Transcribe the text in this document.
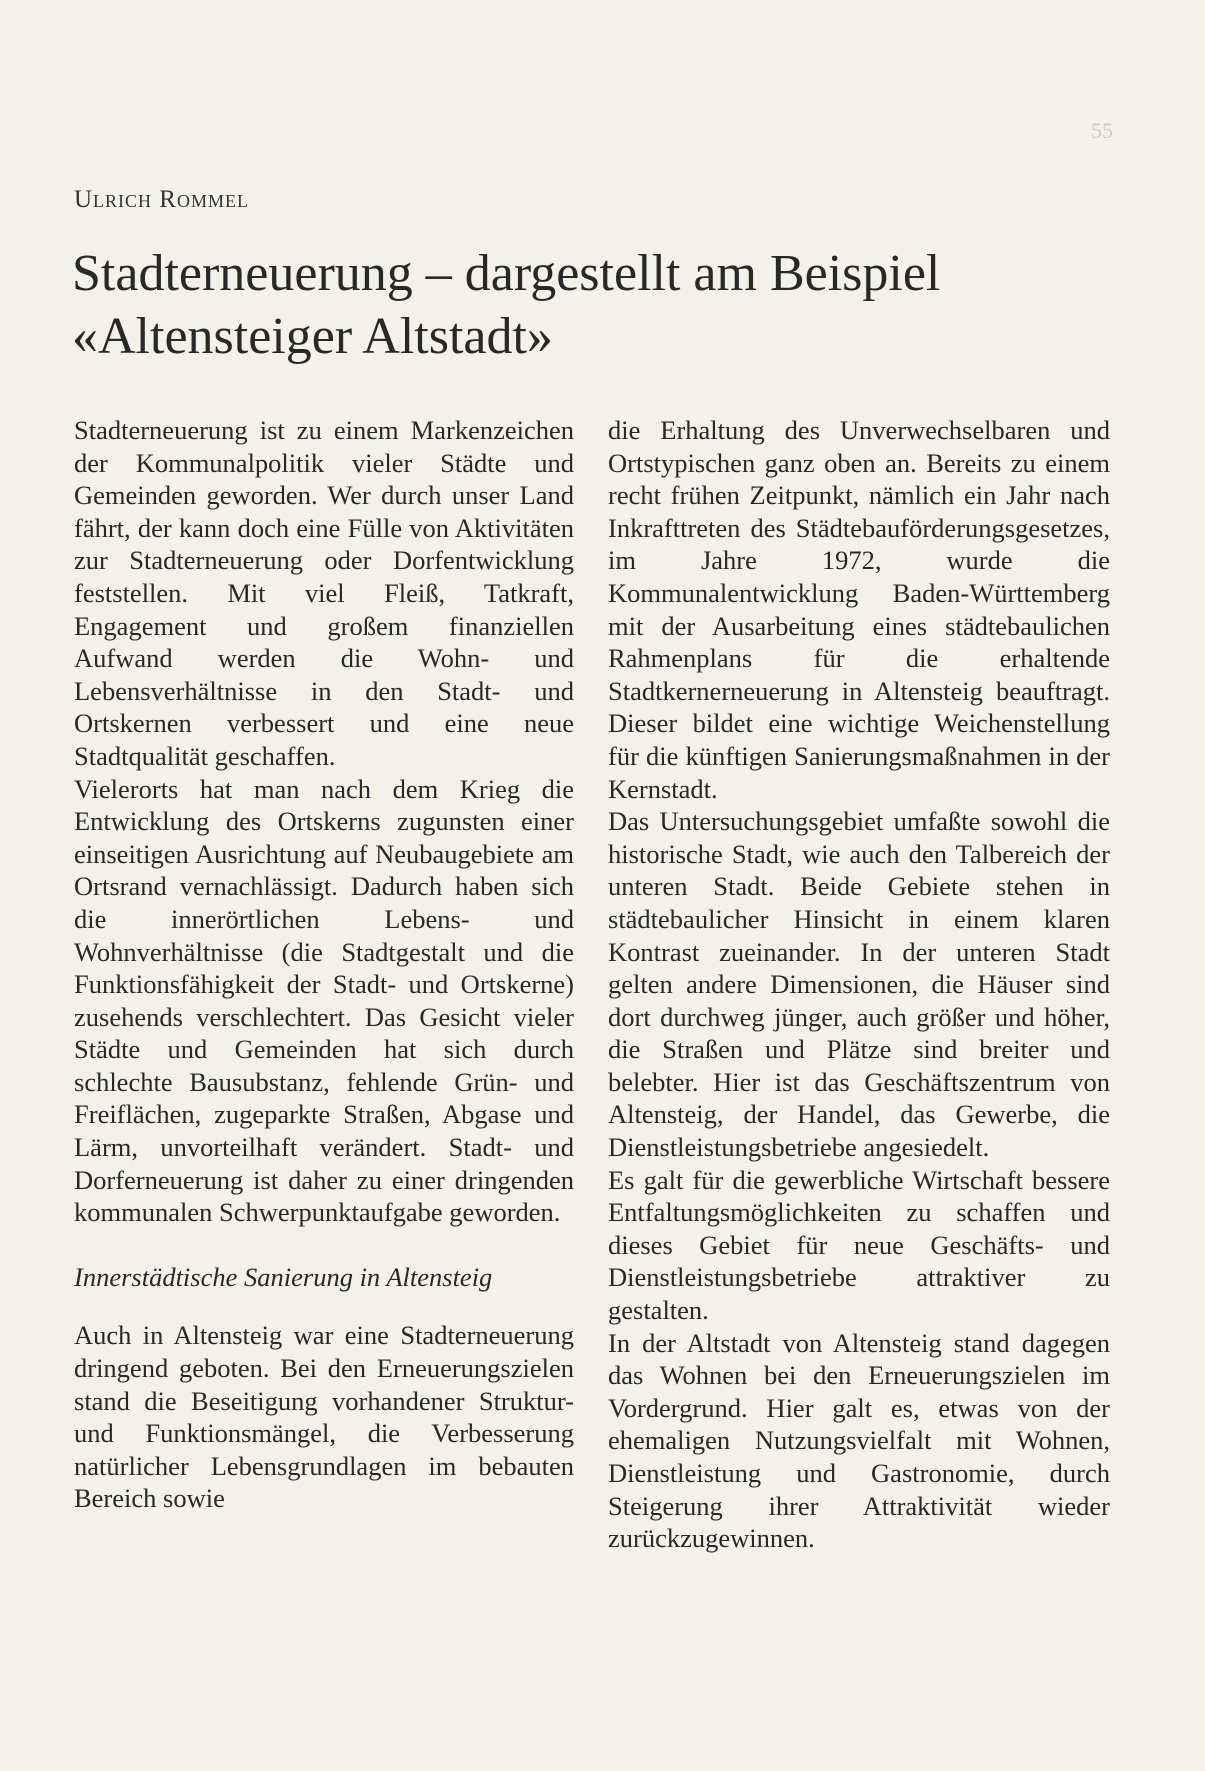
55
Ulrich Rommel
Stadterneuerung – dargestellt am Beispiel
«Altensteiger Altstadt»

Stadterneuerung ist zu einem Markenzeichen der Kommunalpolitik vieler Städte und Gemeinden geworden. Wer durch unser Land fährt, der kann doch eine Fülle von Aktivitäten zur Stadterneuerung oder Dorfentwicklung feststellen. Mit viel Fleiß, Tatkraft, Engagement und großem finanziellen Aufwand werden die Wohn- und Lebensverhältnisse in den Stadt- und Ortskernen verbessert und eine neue Stadtqualität geschaffen.

Vielerorts hat man nach dem Krieg die Entwicklung des Ortskerns zugunsten einer einseitigen Ausrichtung auf Neubaugebiete am Ortsrand vernachlässigt. Dadurch haben sich die innerörtlichen Lebens- und Wohnverhältnisse (die Stadtgestalt und die Funktionsfähigkeit der Stadt- und Ortskerne) zusehends verschlechtert. Das Gesicht vieler Städte und Gemeinden hat sich durch schlechte Bausubstanz, fehlende Grün- und Freiflächen, zugeparkte Straßen, Abgase und Lärm, unvorteilhaft verändert. Stadt- und Dorferneuerung ist daher zu einer dringenden kommunalen Schwerpunktaufgabe geworden.

Innerstädtische Sanierung in Altensteig

Auch in Altensteig war eine Stadterneuerung dringend geboten. Bei den Erneuerungszielen stand die Beseitigung vorhandener Struktur- und Funktionsmängel, die Verbesserung natürlicher Lebensgrundlagen im bebauten Bereich sowie

die Erhaltung des Unverwechselbaren und Ortstypischen ganz oben an. Bereits zu einem recht frühen Zeitpunkt, nämlich ein Jahr nach Inkrafttreten des Städtebauförderungsgesetzes, im Jahre 1972, wurde die Kommunalentwicklung Baden-Württemberg mit der Ausarbeitung eines städtebaulichen Rahmenplans für die erhaltende Stadtkernerneuerung in Altensteig beauftragt. Dieser bildet eine wichtige Weichenstellung für die künftigen Sanierungsmaßnahmen in der Kernstadt.

Das Untersuchungsgebiet umfaßte sowohl die historische Stadt, wie auch den Talbereich der unteren Stadt. Beide Gebiete stehen in städtebaulicher Hinsicht in einem klaren Kontrast zueinander. In der unteren Stadt gelten andere Dimensionen, die Häuser sind dort durchweg jünger, auch größer und höher, die Straßen und Plätze sind breiter und belebter. Hier ist das Geschäftszentrum von Altensteig, der Handel, das Gewerbe, die Dienstleistungsbetriebe angesiedelt.

Es galt für die gewerbliche Wirtschaft bessere Entfaltungsmöglichkeiten zu schaffen und dieses Gebiet für neue Geschäfts- und Dienstleistungsbetriebe attraktiver zu gestalten.

In der Altstadt von Altensteig stand dagegen das Wohnen bei den Erneuerungszielen im Vordergrund. Hier galt es, etwas von der ehemaligen Nutzungsvielfalt mit Wohnen, Dienstleistung und Gastronomie, durch Steigerung ihrer Attraktivität wieder zurückzugewinnen.
